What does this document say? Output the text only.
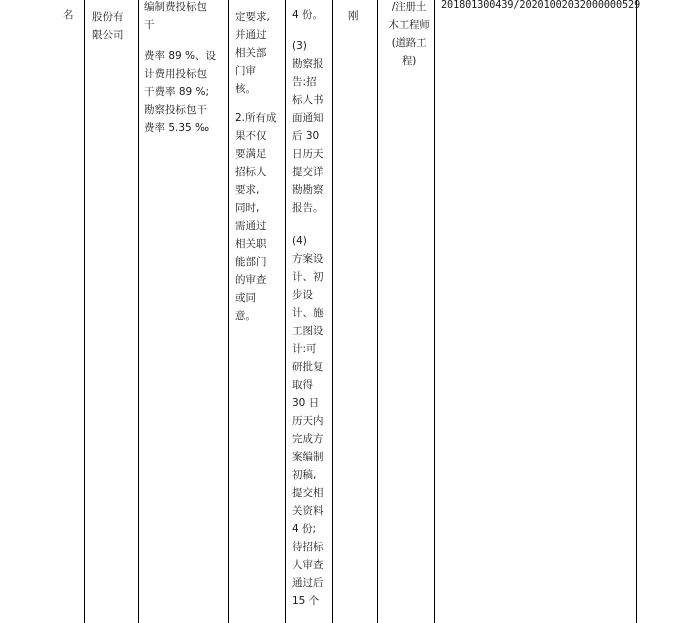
名 股份有
限公司
编制费投标包
干
费率 89 %、设
计费用投标包
干费率 89 %;
勘察投标包干
费率 5.35 ‰
定要求,
并通过
相关部
门审
核。
2.所有成
果不仅
要满足
招标人
要求,
同时,
需通过
相关职
能部门
的审查
或同
意。
4 份。
(3)
勘察报
告:招
标人书
面通知
后 30
日历天
提交详
勘勘察
报告。
(4)
方案设
计、初
步设
计、施
工图设
计:可
研批复
取得
30 日
历天内
完成方
案编制
初稿,
提交相
关资料
4 份;
待招标
人审查
通过后
15 个
刚
/注册土
木工程师
(道路工
程)
201801300439/20201002032000000529
